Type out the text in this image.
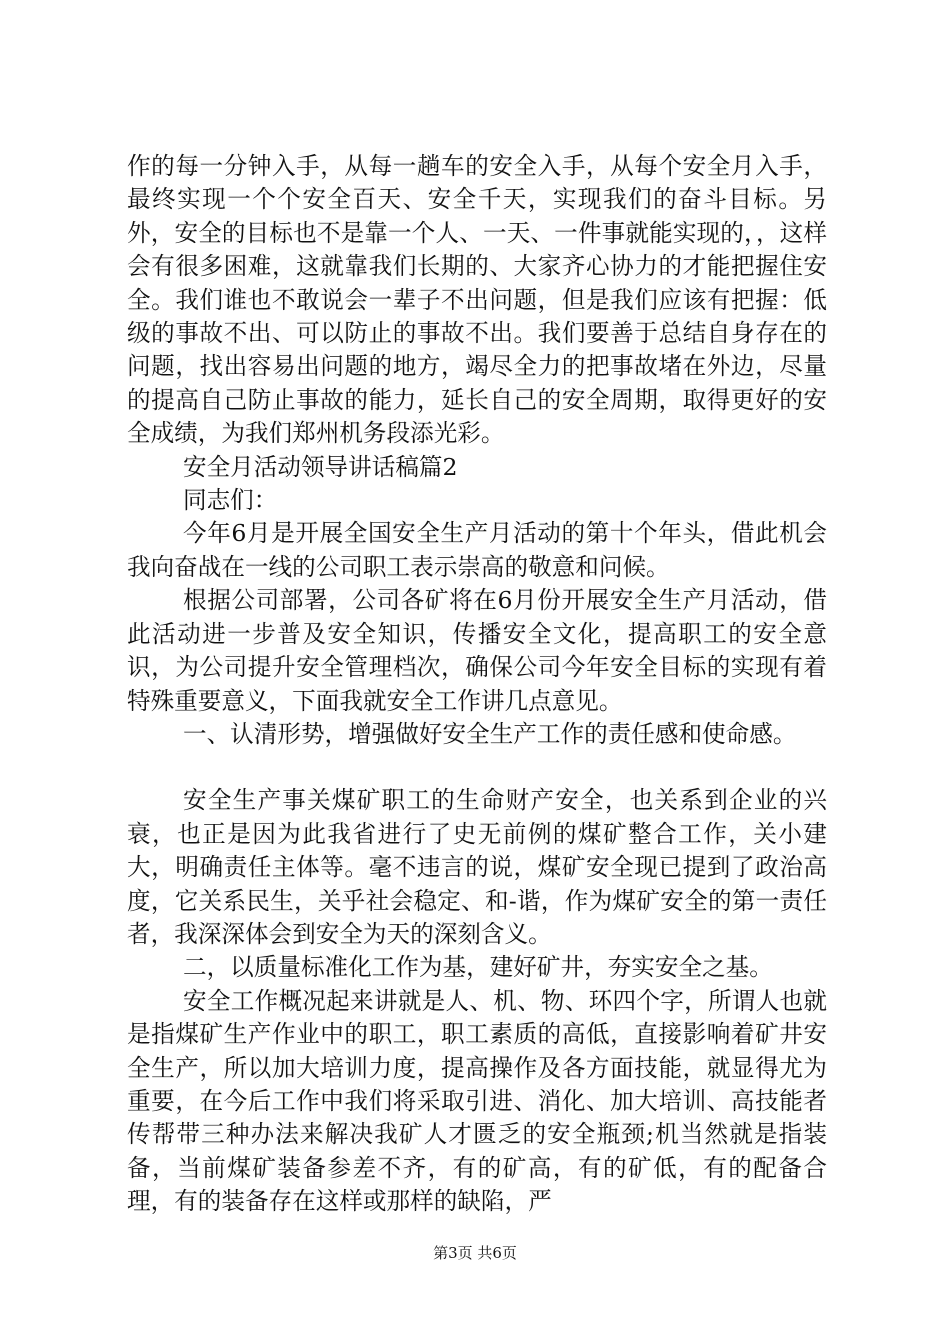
作的每一分钟入手，从每一趟车的安全入手，从每个安全月入手，最终实现一个个安全百天、安全千天，实现我们的奋斗目标。另外，安全的目标也不是靠一个人、一天、一件事就能实现的，，这样会有很多困难，这就靠我们长期的、大家齐心协力的才能把握住安全。我们谁也不敢说会一辈子不出问题，但是我们应该有把握：低级的事故不出、可以防止的事故不出。我们要善于总结自身存在的问题，找出容易出问题的地方，竭尽全力的把事故堵在外边，尽量的提高自己防止事故的能力，延长自己的安全周期，取得更好的安全成绩，为我们郑州机务段添光彩。

安全月活动领导讲话稿篇2

同志们：

今年6月是开展全国安全生产月活动的第十个年头，借此机会我向奋战在一线的公司职工表示崇高的敬意和问候。

根据公司部署，公司各矿将在6月份开展安全生产月活动，借此活动进一步普及安全知识，传播安全文化，提高职工的安全意识，为公司提升安全管理档次，确保公司今年安全目标的实现有着特殊重要意义，下面我就安全工作讲几点意见。

一、认清形势，增强做好安全生产工作的责任感和使命感。

安全生产事关煤矿职工的生命财产安全，也关系到企业的兴衰，也正是因为此我省进行了史无前例的煤矿整合工作，关小建大，明确责任主体等。毫不违言的说，煤矿安全现已提到了政治高度，它关系民生，关乎社会稳定、和-谐，作为煤矿安全的第一责任者，我深深体会到安全为天的深刻含义。

二，以质量标准化工作为基，建好矿井，夯实安全之基。

安全工作概况起来讲就是人、机、物、环四个字，所谓人也就是指煤矿生产作业中的职工，职工素质的高低，直接影响着矿井安全生产，所以加大培训力度，提高操作及各方面技能，就显得尤为重要，在今后工作中我们将采取引进、消化、加大培训、高技能者传帮带三种办法来解决我矿人才匮乏的安全瓶颈;机当然就是指装备，当前煤矿装备参差不齐，有的矿高，有的矿低，有的配备合理，有的装备存在这样或那样的缺陷，严

第3页 共6页
